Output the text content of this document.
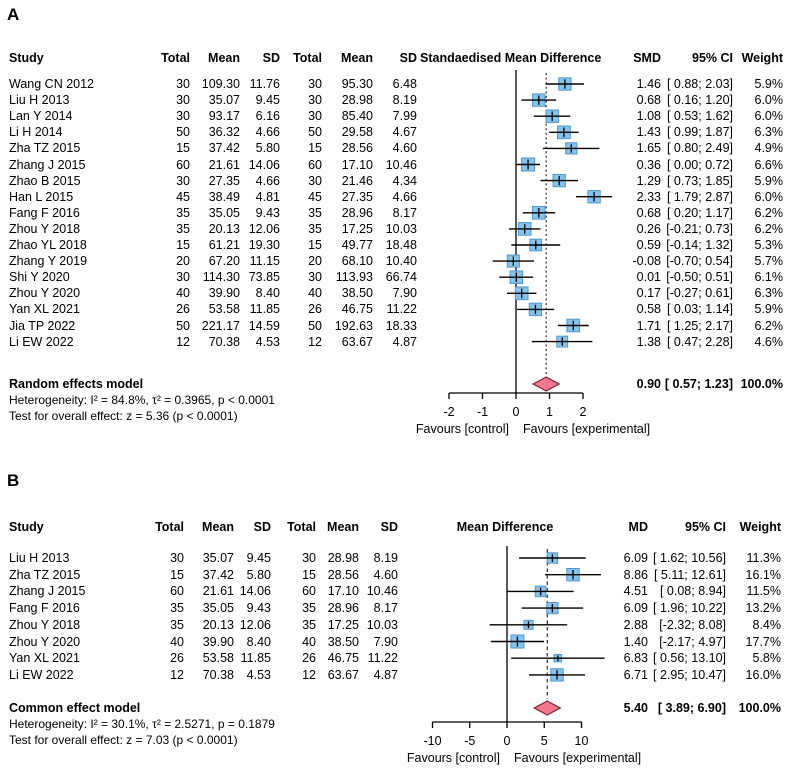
-2 -1 0 1 2
Favours [control] Favours [experimental]
-10 -5 0 5 10
Favours [control] Favours [experimental]
A
Study	Total	Mean	SD	Total	Mean	SD Standaedised Mean Difference	SMD	95% CI Weight
Wang CN 2012	30 109.30 11.76	30	95.30	6.48	1.46 [ 0.88; 2.03]	5.9%
Liu H 2013	30	35.07	9.45	30	28.98	8.19	0.68 [ 0.16; 1.20]	6.0%
Lan Y 2014	30	93.17	6.16	30	85.40	7.99	1.08 [ 0.53; 1.62]	6.0%
Li H 2014	50	36.32	4.66	50	29.58	4.67	1.43 [ 0.99; 1.87]	6.3%
Zha TZ 2015	15	37.42	5.80	15	28.56	4.60	1.65 [ 0.80; 2.49]	4.9%
Zhang J 2015	60	21.61 14.06	60	17.10	10.46	0.36 [ 0.00; 0.72]	6.6%
Zhao B 2015	30	27.35	4.66	30	21.46	4.34	1.29 [ 0.73; 1.85]	5.9%
Han L 2015	45	38.49	4.81	45	27.35	4.66	2.33 [ 1.79; 2.87]	6.0%
Fang F 2016	35	35.05	9.43	35	28.96	8.17	0.68 [ 0.20; 1.17]	6.2%
Zhou Y 2018	35	20.13 12.06	35	17.25	10.03	0.26 [-0.21; 0.73]	6.2%
Zhao YL 2018	15	61.21 19.30	15	49.77	18.48	0.59 [-0.14; 1.32]	5.3%
Zhang Y 2019	20	67.20 11.15	20	68.10	10.40	-0.08 [-0.70; 0.54]	5.7%
Shi Y 2020	30	114.30 73.85	30	113.93	66.74	0.01 [-0.50; 0.51]	6.1%
Zhou Y 2020	40	39.90	8.40	40	38.50	7.90	0.17 [-0.27; 0.61]	6.3%
Yan XL 2021	26	53.58 11.85	26	46.75	11.22	0.58 [ 0.03; 1.14]	5.9%
Jia TP 2022	50 221.17 14.59	50	192.63	18.33	1.71 [ 1.25; 2.17]	6.2%
Li EW 2022	12	70.38	4.53	12	63.67	4.87	1.38 [ 0.47; 2.28]	4.6%
Random effects model	0.90 [ 0.57; 1.23] 100.0%
Heterogeneity: I² = 84.8%, τ² = 0.3965, p < 0.0001
Test for overall effect: z = 5.36 (p < 0.0001)
B
Study	Total	Mean	SD	Total Mean	SD	Mean Difference	MD	95% CI	Weight
Liu H 2013	30	35.07	9.45	30 28.98	8.19	6.09 [ 1.62; 10.56]	11.3%
Zha TZ 2015	15	37.42	5.80	15 28.56	4.60	8.86 [ 5.11; 12.61]	16.1%
Zhang J 2015	60	21.61 14.06	60 17.10 10.46	4.51 [ 0.08; 8.94]	11.5%
Fang F 2016	35	35.05	9.43	35 28.96	8.17	6.09 [ 1.96; 10.22]	13.2%
Zhou Y 2018	35	20.13 12.06	35 17.25 10.03	2.88 [-2.32; 8.08]	8.4%
Zhou Y 2020	40	39.90	8.40	40 38.50	7.90	1.40 [-2.17; 4.97]	17.7%
Yan XL 2021	26	53.58 11.85	26 46.75 11.22	6.83 [ 0.56; 13.10]	5.8%
Li EW 2022	12	70.38	4.53	12 63.67	4.87	6.71 [ 2.95; 10.47]	16.0%
Common effect model	5.40 [ 3.89; 6.90]	100.0%
Heterogeneity: I² = 30.1%, τ² = 2.5271, p = 0.1879
Test for overall effect: z = 7.03 (p < 0.0001)
